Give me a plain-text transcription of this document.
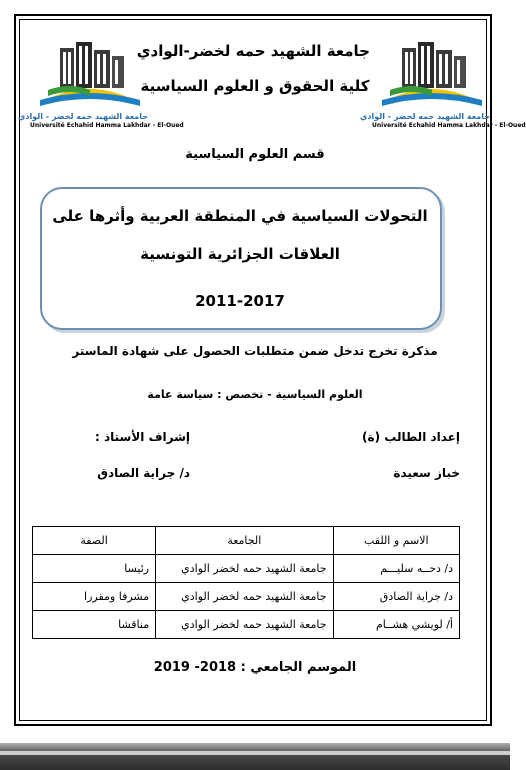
جامعة الشهيد حمه لخضر - الوادي
Université Echahid Hamma Lakhdar - El-Oued
جامعة الشهيد حمه لخضر - الوادي
Université Echahid Hamma Lakhdar - El-Oued
جامعة الشهيد حمه لخضر-الوادي
كلية الحقوق و العلوم السياسية
قسم العلوم السياسية
التحولات السياسية في المنطقة العربية وأثرها على
العلاقات الجزائرية التونسية
2011-2017
مذكرة تخرج تدخل ضمن متطلبات الحصول على شهادة الماستر
العلوم السياسية - تخصص : سياسة عامة
إعداد الطالب (ة)
إشراف الأستاذ :
خباز سعيدة
د/ جراية الصادق
الاسم و اللقب	الجامعة	الصفة
د/ دحــه سليـــم	جامعة الشهيد حمه لخضر الوادي	رئيسا
د/ جراية الصادق	جامعة الشهيد حمه لخضر الوادي	مشرفا ومقررا
أ/ لويشي هشــام	جامعة الشهيد حمه لخضر الوادي	مناقشا
الموسم الجامعي : 2018- 2019
